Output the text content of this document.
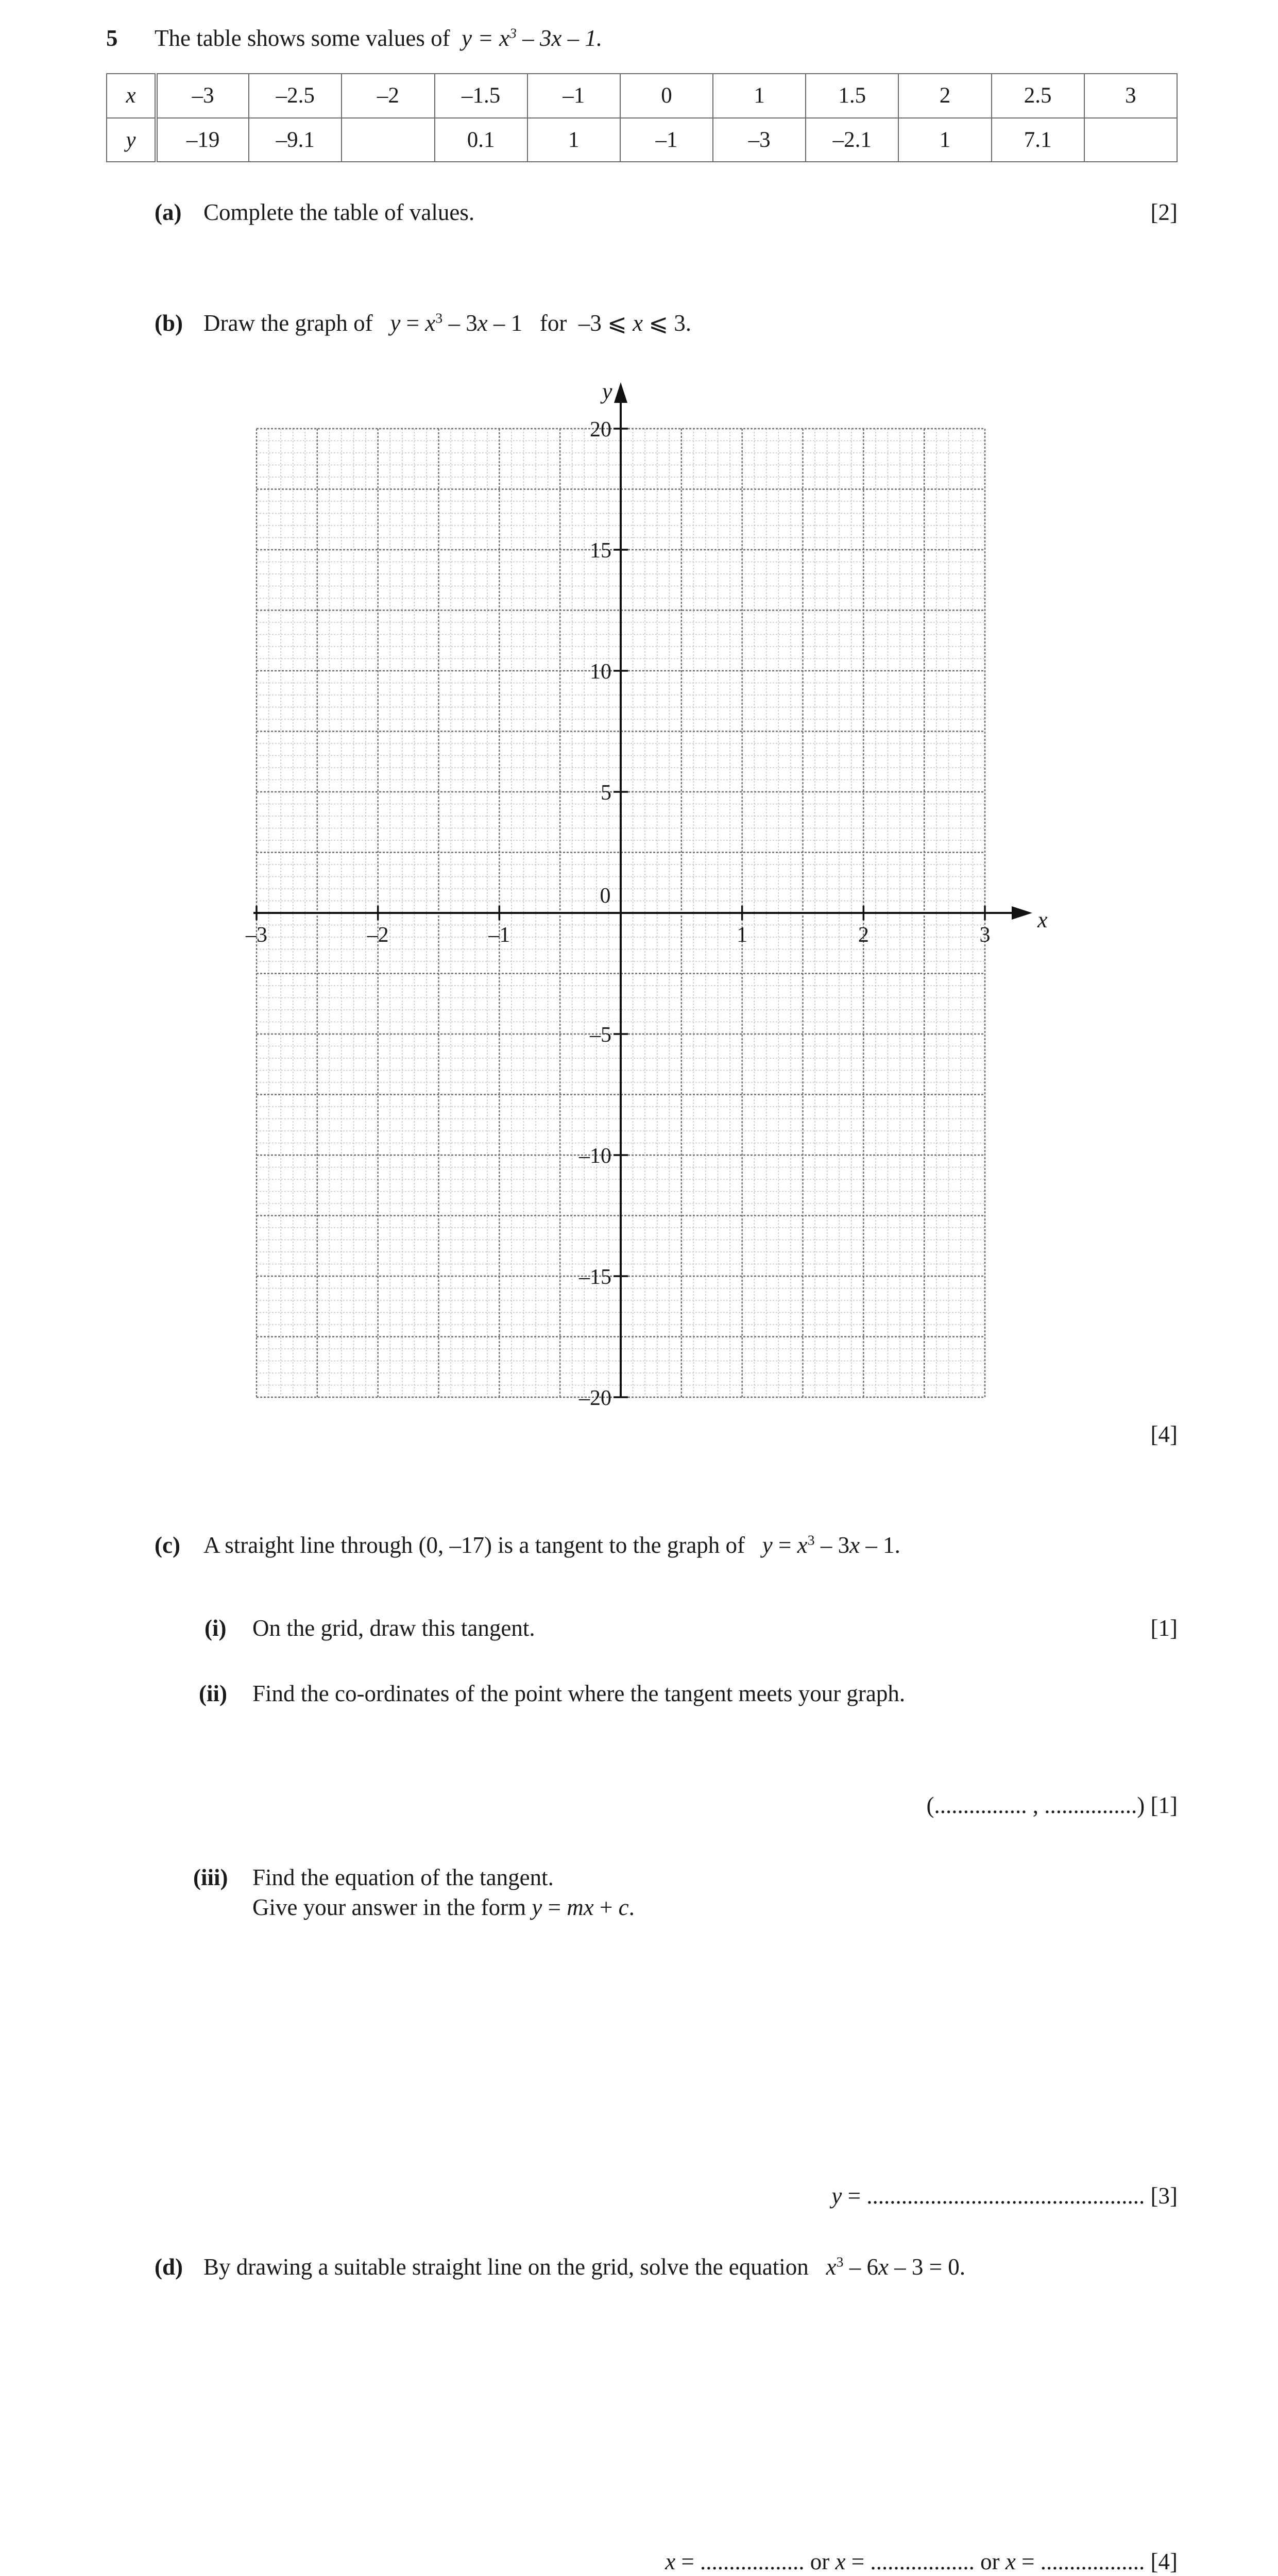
5 The table shows some values of $y = x^3 - 3x - 1$.
x	–3	–2.5	–2	–1.5	–1	0	1	1.5	2	2.5	3
y	–19	–9.1		0.1	1	–1	–3	–2.1	1	7.1	
(a) Complete the table of values.	[2]
(b) Draw the graph of   $y = x^3 - 3x - 1$   for  –3 ⩽ x ⩽ 3.
x
y
–3	–2	–1
0
1	2	3
20
15
10
5
–5
–10
–15
–20
[4]
(c) A straight line through (0, –17) is a tangent to the graph of   $y = x^3 - 3x - 1$.
(i) On the grid, draw this tangent.	[1]
(ii) Find the co-ordinates of the point where the tangent meets your graph.
(................ , ................) [1]
(iii) Find the equation of the tangent.
Give your answer in the form y = mx + c.
y = ................................................ [3]
(d) By drawing a suitable straight line on the grid, solve the equation   $x^3 - 6x - 3 = 0$.
x = .................. or x = .................. or x = .................. [4]
